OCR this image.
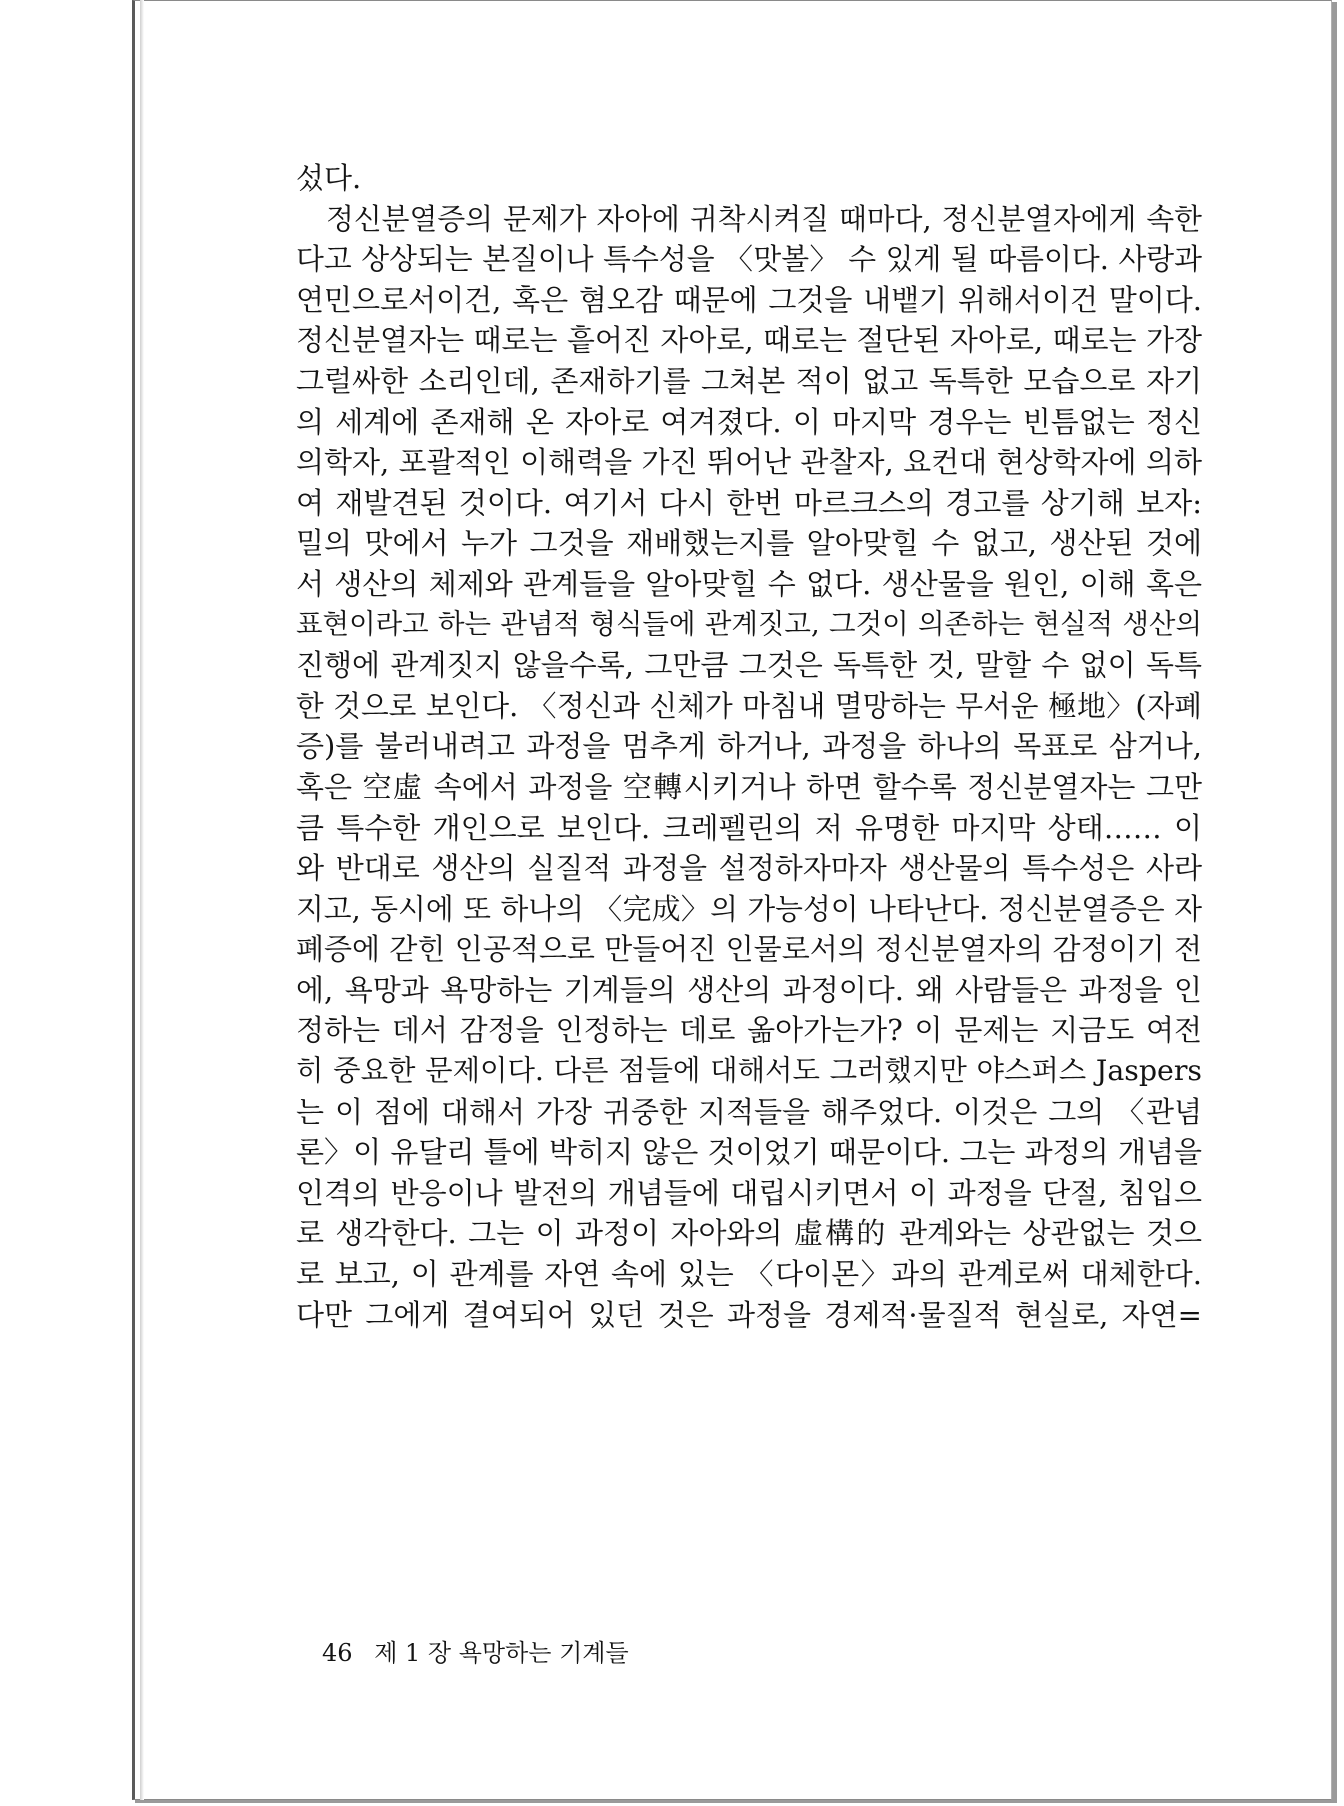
섰다.
정신분열증의 문제가 자아에 귀착시켜질 때마다, 정신분열자에게 속한
다고 상상되는 본질이나 특수성을 〈맛볼〉 수 있게 될 따름이다. 사랑과
연민으로서이건, 혹은 혐오감 때문에 그것을 내뱉기 위해서이건 말이다.
정신분열자는 때로는 흩어진 자아로, 때로는 절단된 자아로, 때로는 가장
그럴싸한 소리인데, 존재하기를 그쳐본 적이 없고 독특한 모습으로 자기
의 세계에 존재해 온 자아로 여겨졌다. 이 마지막 경우는 빈틈없는 정신
의학자, 포괄적인 이해력을 가진 뛰어난 관찰자, 요컨대 현상학자에 의하
여 재발견된 것이다. 여기서 다시 한번 마르크스의 경고를 상기해 보자:
밀의 맛에서 누가 그것을 재배했는지를 알아맞힐 수 없고, 생산된 것에
서 생산의 체제와 관계들을 알아맞힐 수 없다. 생산물을 원인, 이해 혹은
표현이라고 하는 관념적 형식들에 관계짓고, 그것이 의존하는 현실적 생산의
진행에 관계짓지 않을수록, 그만큼 그것은 독특한 것, 말할 수 없이 독특
한 것으로 보인다. 〈정신과 신체가 마침내 멸망하는 무서운 極地〉(자폐
증)를 불러내려고 과정을 멈추게 하거나, 과정을 하나의 목표로 삼거나,
혹은 空虛 속에서 과정을 空轉시키거나 하면 할수록 정신분열자는 그만
큼 특수한 개인으로 보인다. 크레펠린의 저 유명한 마지막 상태…… 이
와 반대로 생산의 실질적 과정을 설정하자마자 생산물의 특수성은 사라
지고, 동시에 또 하나의 〈完成〉의 가능성이 나타난다. 정신분열증은 자
폐증에 갇힌 인공적으로 만들어진 인물로서의 정신분열자의 감정이기 전
에, 욕망과 욕망하는 기계들의 생산의 과정이다. 왜 사람들은 과정을 인
정하는 데서 감정을 인정하는 데로 옮아가는가? 이 문제는 지금도 여전
히 중요한 문제이다. 다른 점들에 대해서도 그러했지만 야스퍼스 Jaspers
는 이 점에 대해서 가장 귀중한 지적들을 해주었다. 이것은 그의 〈관념
론〉이 유달리 틀에 박히지 않은 것이었기 때문이다. 그는 과정의 개념을
인격의 반응이나 발전의 개념들에 대립시키면서 이 과정을 단절, 침입으
로 생각한다. 그는 이 과정이 자아와의 虛構的 관계와는 상관없는 것으
로 보고, 이 관계를 자연 속에 있는 〈다이몬〉과의 관계로써 대체한다.
다만 그에게 결여되어 있던 것은 과정을 경제적·물질적 현실로, 자연=
46 제 1 장 욕망하는 기계들
